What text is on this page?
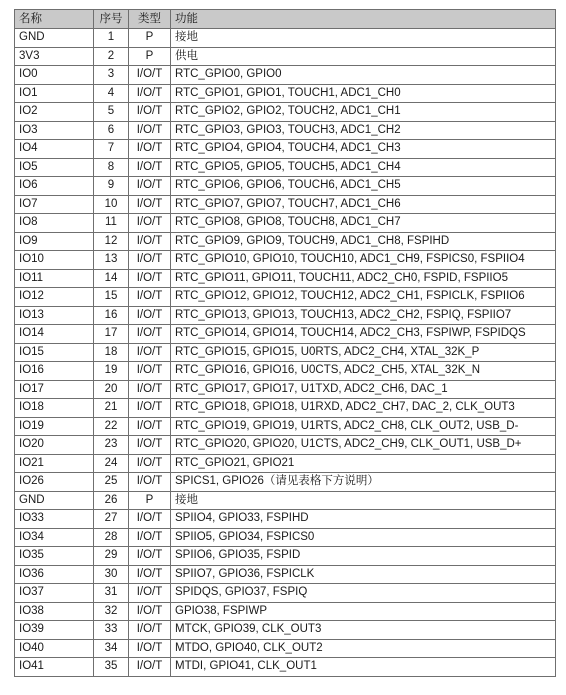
名称	序号	类型	功能
GND	1	P	接地
3V3	2	P	供电
IO0	3	I/O/T	RTC_GPIO0, GPIO0
IO1	4	I/O/T	RTC_GPIO1, GPIO1, TOUCH1, ADC1_CH0
IO2	5	I/O/T	RTC_GPIO2, GPIO2, TOUCH2, ADC1_CH1
IO3	6	I/O/T	RTC_GPIO3, GPIO3, TOUCH3, ADC1_CH2
IO4	7	I/O/T	RTC_GPIO4, GPIO4, TOUCH4, ADC1_CH3
IO5	8	I/O/T	RTC_GPIO5, GPIO5, TOUCH5, ADC1_CH4
IO6	9	I/O/T	RTC_GPIO6, GPIO6, TOUCH6, ADC1_CH5
IO7	10	I/O/T	RTC_GPIO7, GPIO7, TOUCH7, ADC1_CH6
IO8	11	I/O/T	RTC_GPIO8, GPIO8, TOUCH8, ADC1_CH7
IO9	12	I/O/T	RTC_GPIO9, GPIO9, TOUCH9, ADC1_CH8, FSPIHD
IO10	13	I/O/T	RTC_GPIO10, GPIO10, TOUCH10, ADC1_CH9, FSPICS0, FSPIIO4
IO11	14	I/O/T	RTC_GPIO11, GPIO11, TOUCH11, ADC2_CH0, FSPID, FSPIIO5
IO12	15	I/O/T	RTC_GPIO12, GPIO12, TOUCH12, ADC2_CH1, FSPICLK, FSPIIO6
IO13	16	I/O/T	RTC_GPIO13, GPIO13, TOUCH13, ADC2_CH2, FSPIQ, FSPIIO7
IO14	17	I/O/T	RTC_GPIO14, GPIO14, TOUCH14, ADC2_CH3, FSPIWP, FSPIDQS
IO15	18	I/O/T	RTC_GPIO15, GPIO15, U0RTS, ADC2_CH4, XTAL_32K_P
IO16	19	I/O/T	RTC_GPIO16, GPIO16, U0CTS, ADC2_CH5, XTAL_32K_N
IO17	20	I/O/T	RTC_GPIO17, GPIO17, U1TXD, ADC2_CH6, DAC_1
IO18	21	I/O/T	RTC_GPIO18, GPIO18, U1RXD, ADC2_CH7, DAC_2, CLK_OUT3
IO19	22	I/O/T	RTC_GPIO19, GPIO19, U1RTS, ADC2_CH8, CLK_OUT2, USB_D-
IO20	23	I/O/T	RTC_GPIO20, GPIO20, U1CTS, ADC2_CH9, CLK_OUT1, USB_D+
IO21	24	I/O/T	RTC_GPIO21, GPIO21
IO26	25	I/O/T	SPICS1, GPIO26（请见表格下方说明）
GND	26	P	接地
IO33	27	I/O/T	SPIIO4, GPIO33, FSPIHD
IO34	28	I/O/T	SPIIO5, GPIO34, FSPICS0
IO35	29	I/O/T	SPIIO6, GPIO35, FSPID
IO36	30	I/O/T	SPIIO7, GPIO36, FSPICLK
IO37	31	I/O/T	SPIDQS, GPIO37, FSPIQ
IO38	32	I/O/T	GPIO38, FSPIWP
IO39	33	I/O/T	MTCK, GPIO39, CLK_OUT3
IO40	34	I/O/T	MTDO, GPIO40, CLK_OUT2
IO41	35	I/O/T	MTDI, GPIO41, CLK_OUT1
